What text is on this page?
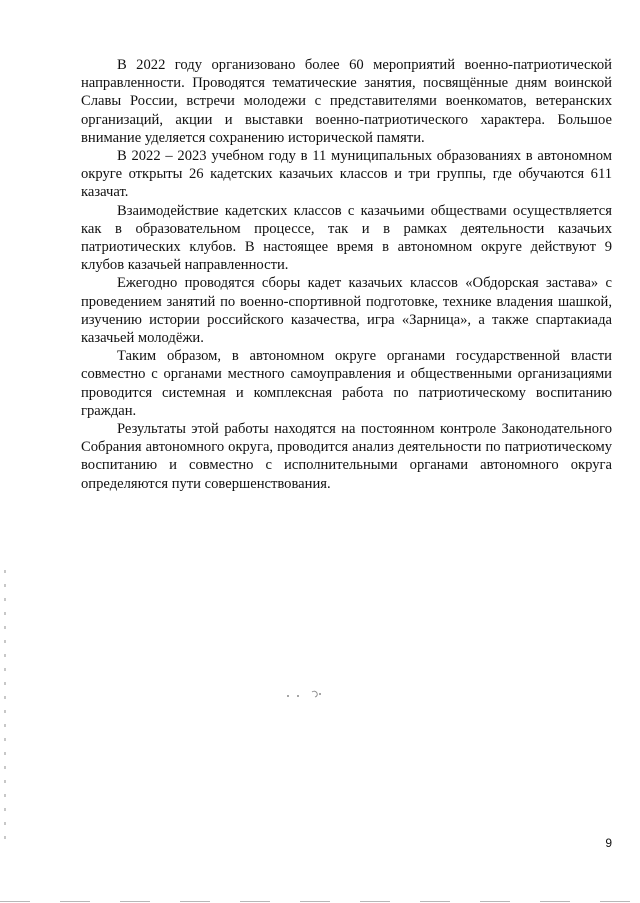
В 2022 году организовано более 60 мероприятий военно-патриотической направленности. Проводятся тематические занятия, посвящённые дням воинской Славы России, встречи молодежи с представителями военкоматов, ветеранских организаций, акции и выставки военно-патриотического характера. Большое внимание уделяется сохранению исторической памяти.

В 2022 – 2023 учебном году в 11 муниципальных образованиях в автономном округе открыты 26 кадетских казачьих классов и три группы, где обучаются 611 казачат.

Взаимодействие кадетских классов с казачьими обществами осуществляется как в образовательном процессе, так и в рамках деятельности казачьих патриотических клубов. В настоящее время в автономном округе действуют 9 клубов казачьей направленности.

Ежегодно проводятся сборы кадет казачьих классов «Обдорская застава» с проведением занятий по военно-спортивной подготовке, технике владения шашкой, изучению истории российского казачества, игра «Зарница», а также спартакиада казачьей молодёжи.

Таким образом, в автономном округе органами государственной власти совместно с органами местного самоуправления и общественными организациями проводится системная и комплексная работа по патриотическому воспитанию граждан.

Результаты этой работы находятся на постоянном контроле Законодательного Собрания автономного округа, проводится анализ деятельности по патриотическому воспитанию и совместно с исполнительными органами автономного округа определяются пути совершенствования.

9
